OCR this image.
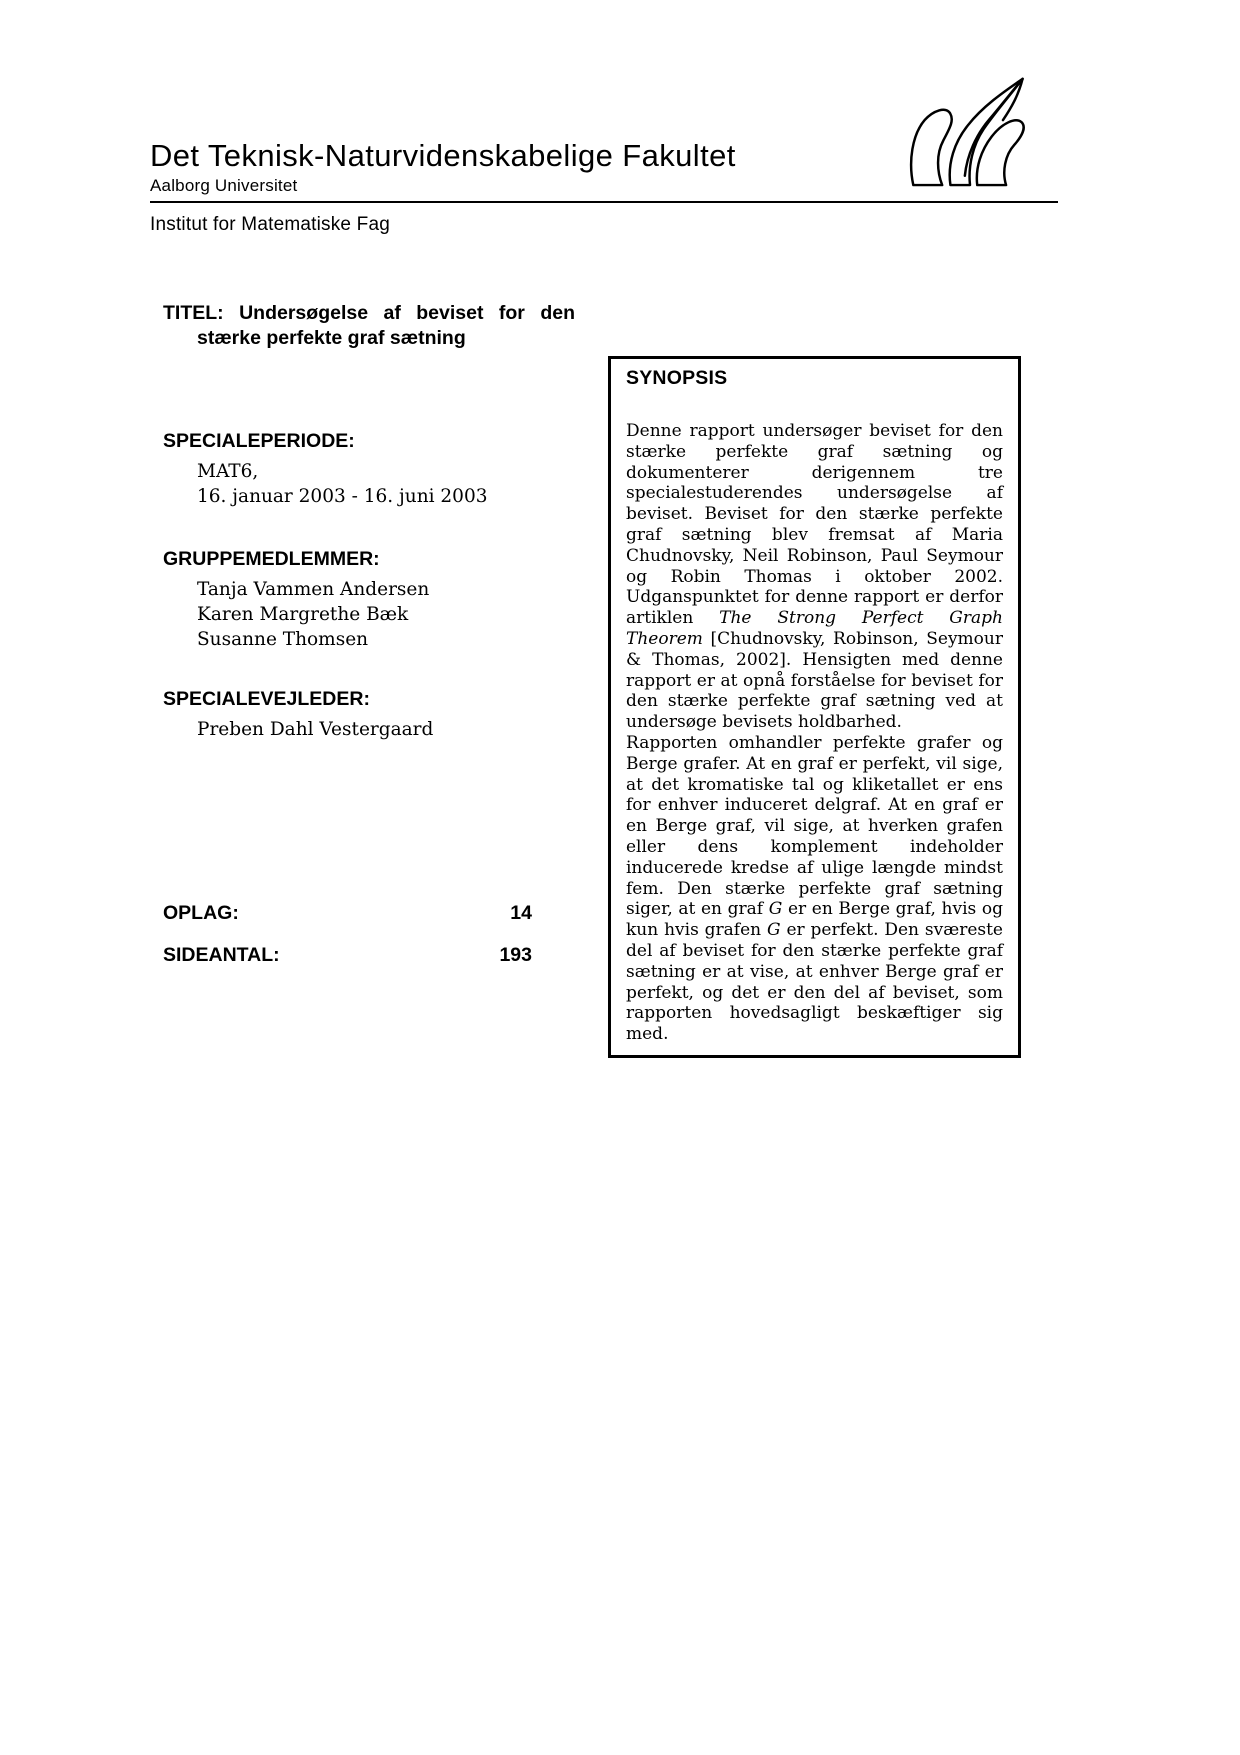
Det Teknisk-Naturvidenskabelige Fakultet
Aalborg Universitet
Institut for Matematiske Fag
TITEL: Undersøgelse af beviset for den
stærke perfekte graf sætning
SPECIALEPERIODE:
MAT6,
16. januar 2003 - 16. juni 2003
GRUPPEMEDLEMMER:
Tanja Vammen Andersen
Karen Margrethe Bæk
Susanne Thomsen
SPECIALEVEJLEDER:
Preben Dahl Vestergaard
OPLAG:	14
SIDEANTAL:	193
SYNOPSIS

Denne rapport undersøger beviset for den stærke perfekte graf sætning og dokumenterer derigennem tre specialestuderendes undersøgelse af beviset. Beviset for den stærke perfekte graf sætning blev fremsat af Maria Chudnovsky, Neil Robinson, Paul Seymour og Robin Thomas i oktober 2002. Udganspunktet for denne rapport er derfor artiklen The Strong Perfect Graph Theorem [Chudnovsky, Robinson, Seymour & Thomas, 2002]. Hensigten med denne rapport er at opnå forståelse for beviset for den stærke perfekte graf sætning ved at undersøge bevisets holdbarhed.

Rapporten omhandler perfekte grafer og Berge grafer. At en graf er perfekt, vil sige, at det kromatiske tal og kliketallet er ens for enhver induceret delgraf. At en graf er en Berge graf, vil sige, at hverken grafen eller dens komplement indeholder inducerede kredse af ulige længde mindst fem. Den stærke perfekte graf sætning siger, at en graf G er en Berge graf, hvis og kun hvis grafen G er perfekt. Den sværeste del af beviset for den stærke perfekte graf sætning er at vise, at enhver Berge graf er perfekt, og det er den del af beviset, som rapporten hovedsagligt beskæftiger sig med.
